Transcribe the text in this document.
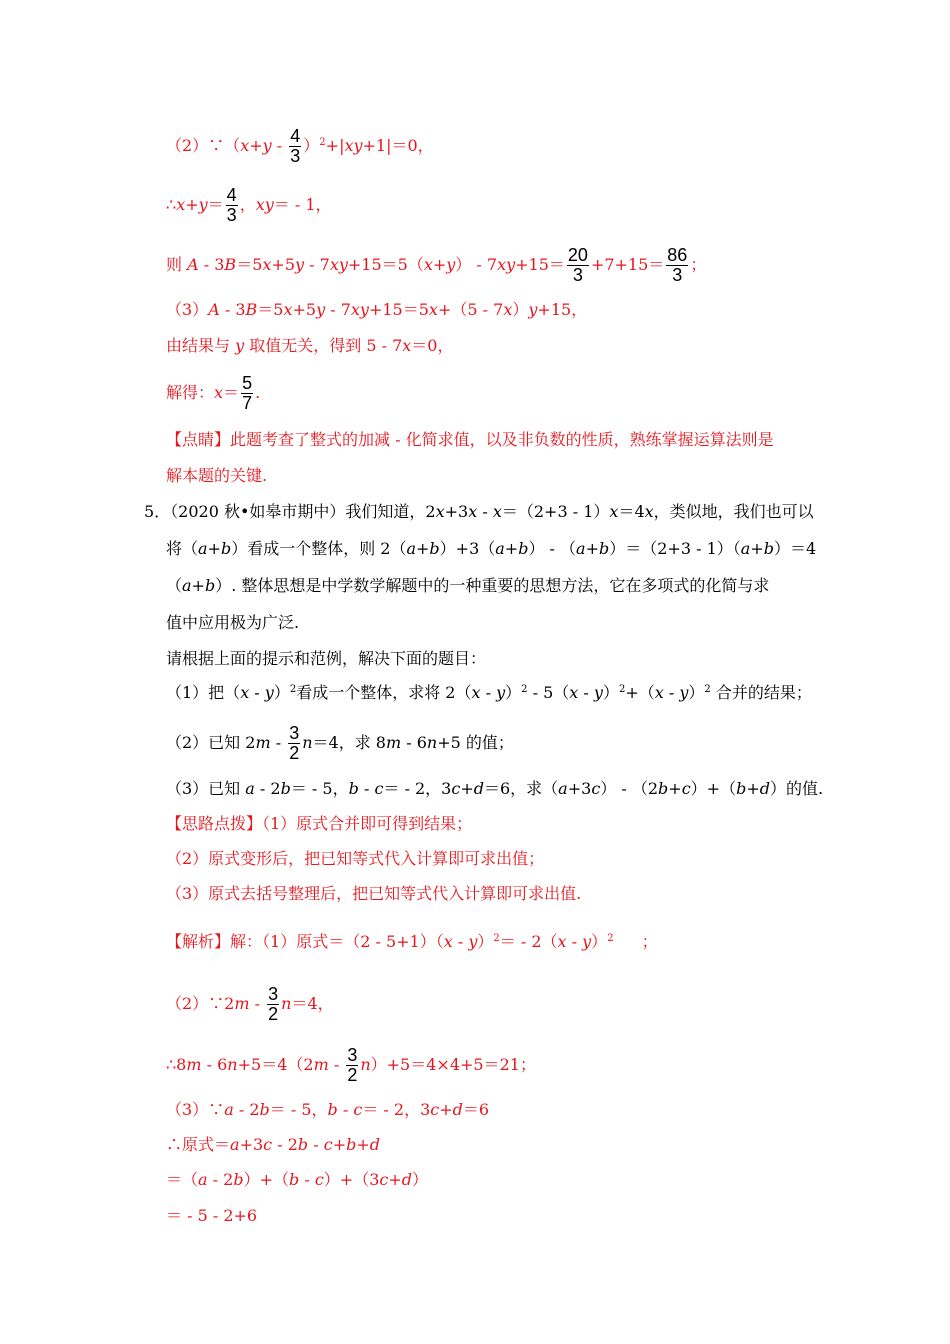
（2）∵（x+y - $\frac{4}{3} )^2+|xy+1|=0$，
∴x+y＝ $\frac{4}{3}$ ，xy＝ - 1，
则 $A - 3B=5x+5y - 7xy+15=5(x+y) - 7xy+15= \frac{20}{3} +7+15= \frac{86}{3}$ ；
（3）A - 3B＝5x+5y - 7xy+15＝5x+（5 - 7x）y+15，
由结果与 y 取值无关，得到 5 - 7x＝0，
解得：$x= \frac{5}{7}$ .
【点睛】此题考查了整式的加减 - 化简求值，以及非负数的性质，熟练掌握运算法则是
解本题的关键.
5．（2020 秋•如皋市期中）我们知道，2x+3x - x＝（2+3 - 1）x＝4x，类似地，我们也可以
将（a+b）看成一个整体，则 2（a+b）+3（a+b） - （a+b）＝（2+3 - 1）（a+b）＝4
（a+b）. 整体思想是中学数学解题中的一种重要的思想方法，它在多项式的化简与求
值中应用极为广泛.
请根据上面的提示和范例，解决下面的题目：
（1）把（x - y）$^2$看成一个整体，求将 2（x - y）$^2$ - 5（x - y）$^2$+（x - y）$^2$ 合并的结果；
（2）已知 $2m - \frac{3}{2} n=4$，求 8m - 6n+5 的值；
（3）已知 a - 2b＝ - 5，b - c＝ - 2，3c+d＝6，求（a+3c） - （2b+c）+（b+d）的值.
【思路点拨】（1）原式合并即可得到结果；
（2）原式变形后，把已知等式代入计算即可求出值；
（3）原式去括号整理后，把已知等式代入计算即可求出值.
【解析】解：（1）原式＝（2 - 5+1）（x - y）$^2$＝ - 2（x - y）$^2$ ；
（2）∵2m - $\frac{3}{2} n=4$，
∴8m - $6n+5=4(2m - \frac{3}{2} n)+5=4\times 4+5=21$；
（3）∵a - 2b＝ - 5，b - c＝ - 2，3c+d＝6
∴原式＝a+3c - 2b - c+b+d
＝（a - 2b）+（b - c）+（3c+d）
＝ - 5 - 2+6
